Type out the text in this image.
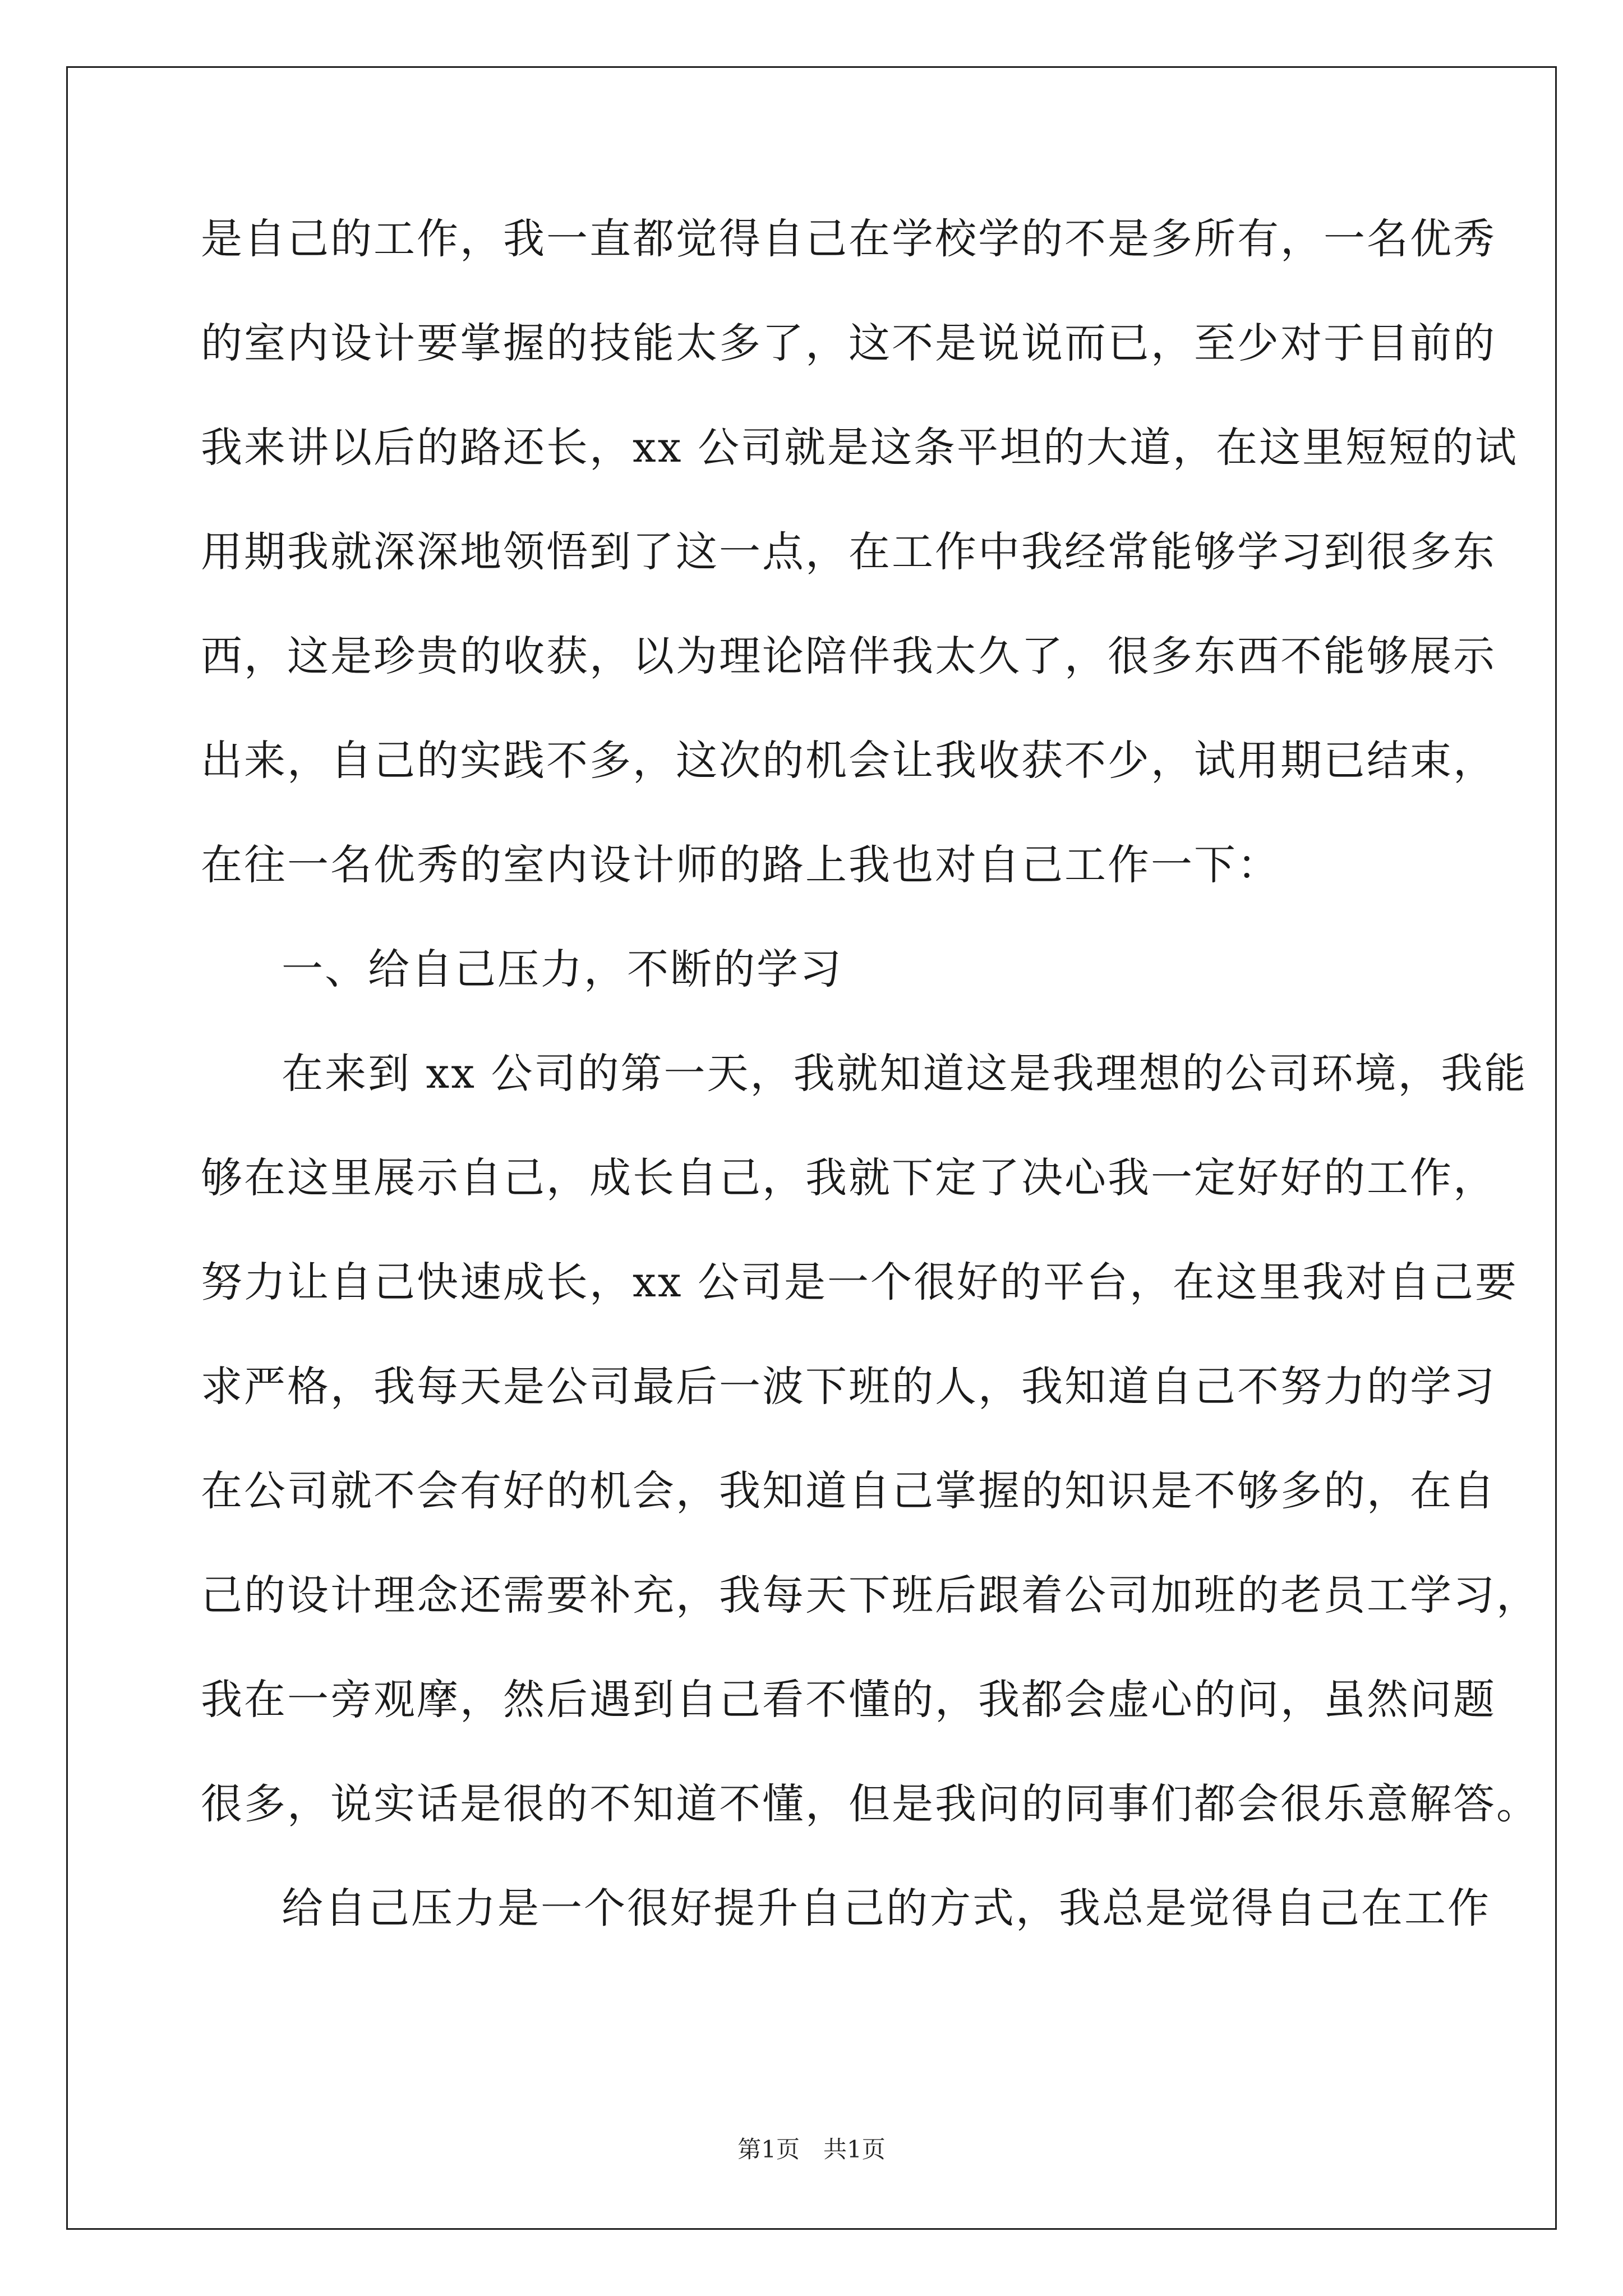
是自己的工作，我一直都觉得自己在学校学的不是多所有，一名优秀
的室内设计要掌握的技能太多了，这不是说说而已，至少对于目前的
我来讲以后的路还长，xx 公司就是这条平坦的大道，在这里短短的试
用期我就深深地领悟到了这一点，在工作中我经常能够学习到很多东
西，这是珍贵的收获，以为理论陪伴我太久了，很多东西不能够展示
出来，自己的实践不多，这次的机会让我收获不少，试用期已结束，
在往一名优秀的室内设计师的路上我也对自己工作一下：
一、给自己压力，不断的学习
在来到 xx 公司的第一天，我就知道这是我理想的公司环境，我能
够在这里展示自己，成长自己，我就下定了决心我一定好好的工作，
努力让自己快速成长，xx 公司是一个很好的平台，在这里我对自己要
求严格，我每天是公司最后一波下班的人，我知道自己不努力的学习
在公司就不会有好的机会，我知道自己掌握的知识是不够多的，在自
己的设计理念还需要补充，我每天下班后跟着公司加班的老员工学习，
我在一旁观摩，然后遇到自己看不懂的，我都会虚心的问，虽然问题
很多，说实话是很的不知道不懂，但是我问的同事们都会很乐意解答。
给自己压力是一个很好提升自己的方式，我总是觉得自己在工作
第1页　共1页
